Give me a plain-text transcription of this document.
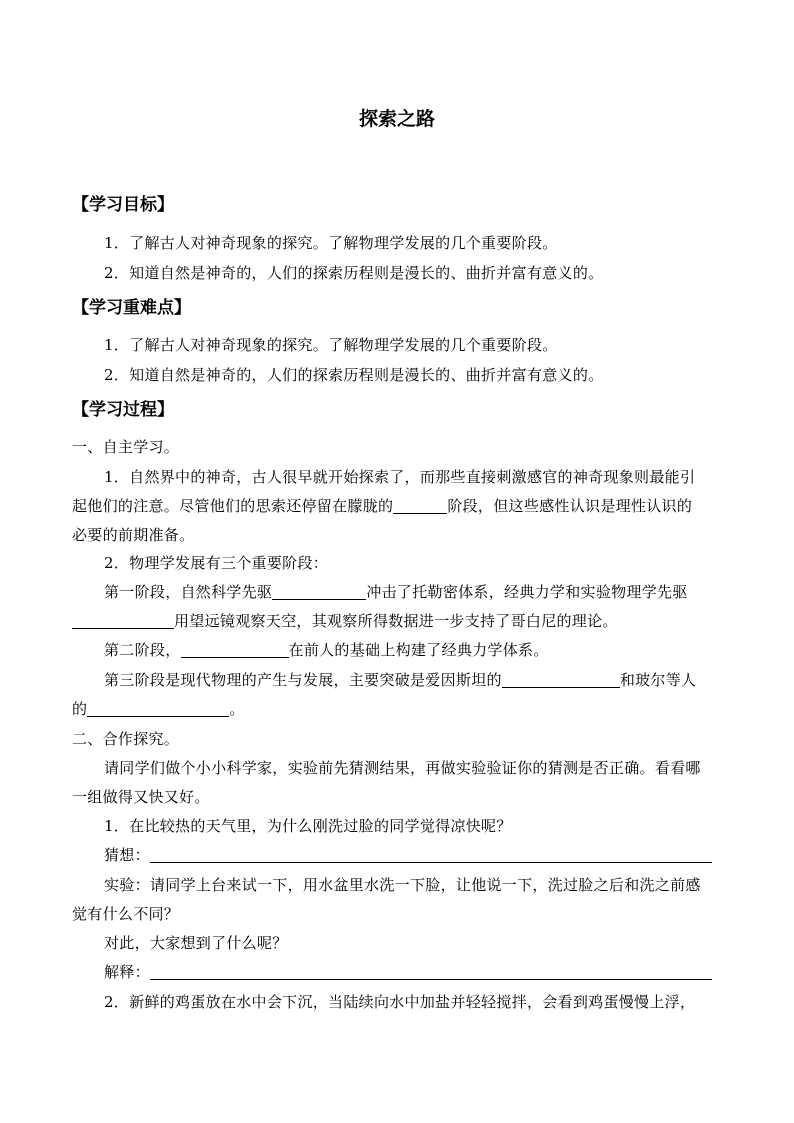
探索之路
【学习目标】
1．了解古人对神奇现象的探究。了解物理学发展的几个重要阶段。
2．知道自然是神奇的，人们的探索历程则是漫长的、曲折并富有意义的。
【学习重难点】
1．了解古人对神奇现象的探究。了解物理学发展的几个重要阶段。
2．知道自然是神奇的，人们的探索历程则是漫长的、曲折并富有意义的。
【学习过程】
一、自主学习。
1．自然界中的神奇，古人很早就开始探索了，而那些直接刺激感官的神奇现象则最能引
起他们的注意。尽管他们的思索还停留在朦胧的	阶段，但这些感性认识是理性认识的
必要的前期准备。
2．物理学发展有三个重要阶段：
第一阶段，自然科学先驱	冲击了托勒密体系，经典力学和实验物理学先驱
用望远镜观察天空，其观察所得数据进一步支持了哥白尼的理论。
第二阶段，	在前人的基础上构建了经典力学体系。
第三阶段是现代物理的产生与发展，主要突破是爱因斯坦的	和玻尔等人
的	。
二、合作探究。
请同学们做个小小科学家，实验前先猜测结果，再做实验验证你的猜测是否正确。看看哪
一组做得又快又好。
1．在比较热的天气里，为什么刚洗过脸的同学觉得凉快呢？
猜想：
实验：请同学上台来试一下，用水盆里水洗一下脸，让他说一下，洗过脸之后和洗之前感
觉有什么不同？
对此，大家想到了什么呢？
解释：
2．新鲜的鸡蛋放在水中会下沉，当陆续向水中加盐并轻轻搅拌，会看到鸡蛋慢慢上浮，
